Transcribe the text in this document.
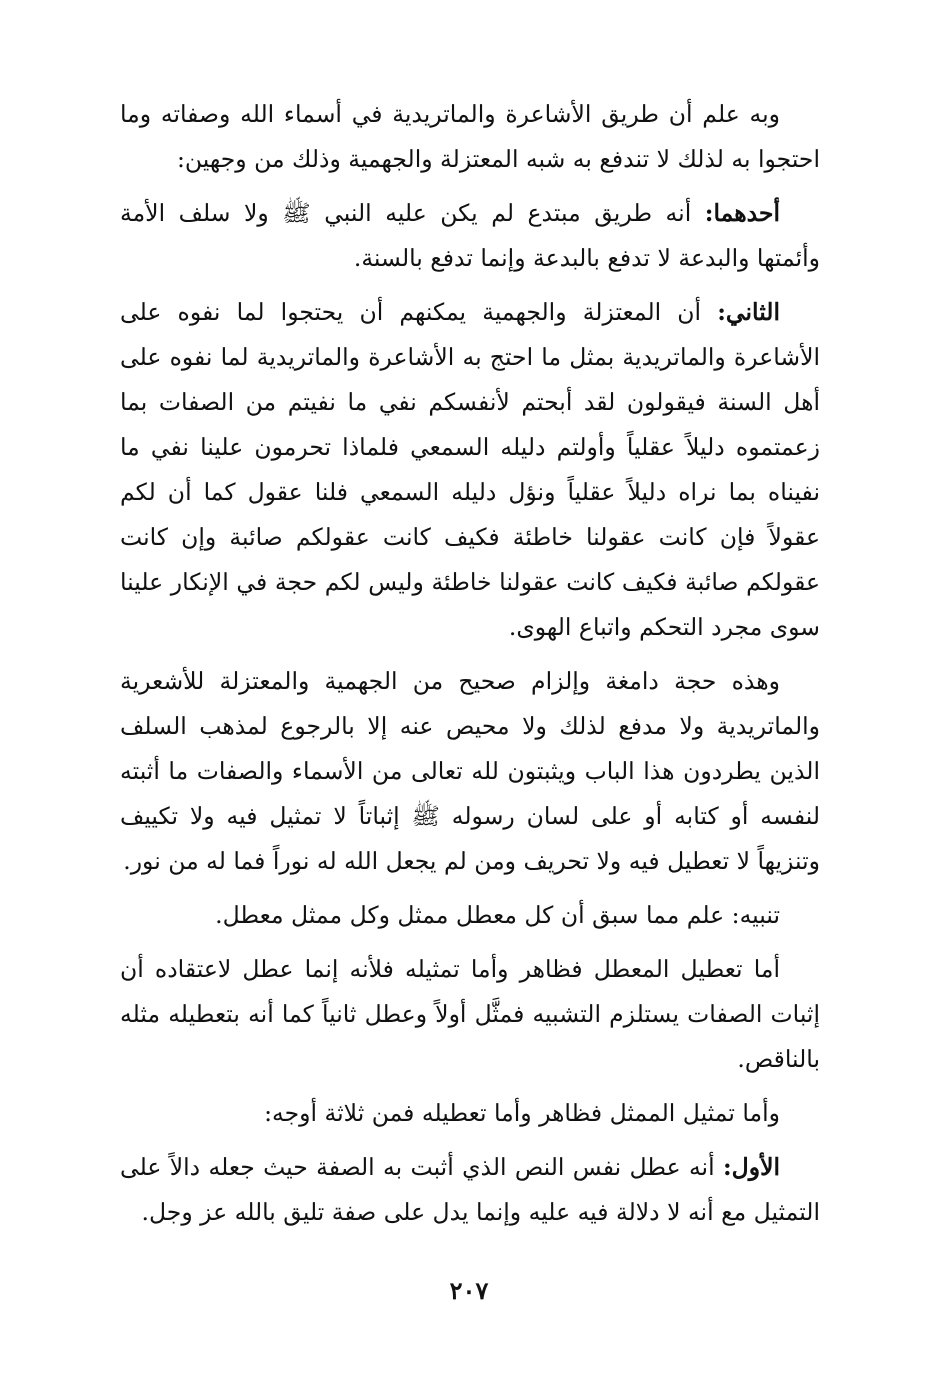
وبه علم أن طريق الأشاعرة والماتريدية في أسماء الله وصفاته وما احتجوا به لذلك لا تندفع به شبه المعتزلة والجهمية وذلك من وجهين:

أحدهما: أنه طريق مبتدع لم يكن عليه النبي ﷺ ولا سلف الأمة وأئمتها والبدعة لا تدفع بالبدعة وإنما تدفع بالسنة.

الثاني: أن المعتزلة والجهمية يمكنهم أن يحتجوا لما نفوه على الأشاعرة والماتريدية بمثل ما احتج به الأشاعرة والماتريدية لما نفوه على أهل السنة فيقولون لقد أبحتم لأنفسكم نفي ما نفيتم من الصفات بما زعمتموه دليلاً عقلياً وأولتم دليله السمعي فلماذا تحرمون علينا نفي ما نفيناه بما نراه دليلاً عقلياً ونؤل دليله السمعي فلنا عقول كما أن لكم عقولاً فإن كانت عقولنا خاطئة فكيف كانت عقولكم صائبة وإن كانت عقولكم صائبة فكيف كانت عقولنا خاطئة وليس لكم حجة في الإنكار علينا سوى مجرد التحكم واتباع الهوى.

وهذه حجة دامغة وإلزام صحيح من الجهمية والمعتزلة للأشعرية والماتريدية ولا مدفع لذلك ولا محيص عنه إلا بالرجوع لمذهب السلف الذين يطردون هذا الباب ويثبتون لله تعالى من الأسماء والصفات ما أثبته لنفسه أو كتابه أو على لسان رسوله ﷺ إثباتاً لا تمثيل فيه ولا تكييف وتنزيهاً لا تعطيل فيه ولا تحريف ومن لم يجعل الله له نوراً فما له من نور.

تنبيه: علم مما سبق أن كل معطل ممثل وكل ممثل معطل.

أما تعطيل المعطل فظاهر وأما تمثيله فلأنه إنما عطل لاعتقاده أن إثبات الصفات يستلزم التشبيه فمثَّل أولاً وعطل ثانياً كما أنه بتعطيله مثله بالناقص.

وأما تمثيل الممثل فظاهر وأما تعطيله فمن ثلاثة أوجه:

الأول: أنه عطل نفس النص الذي أثبت به الصفة حيث جعله دالاً على التمثيل مع أنه لا دلالة فيه عليه وإنما يدل على صفة تليق بالله عز وجل.

٢٠٧
